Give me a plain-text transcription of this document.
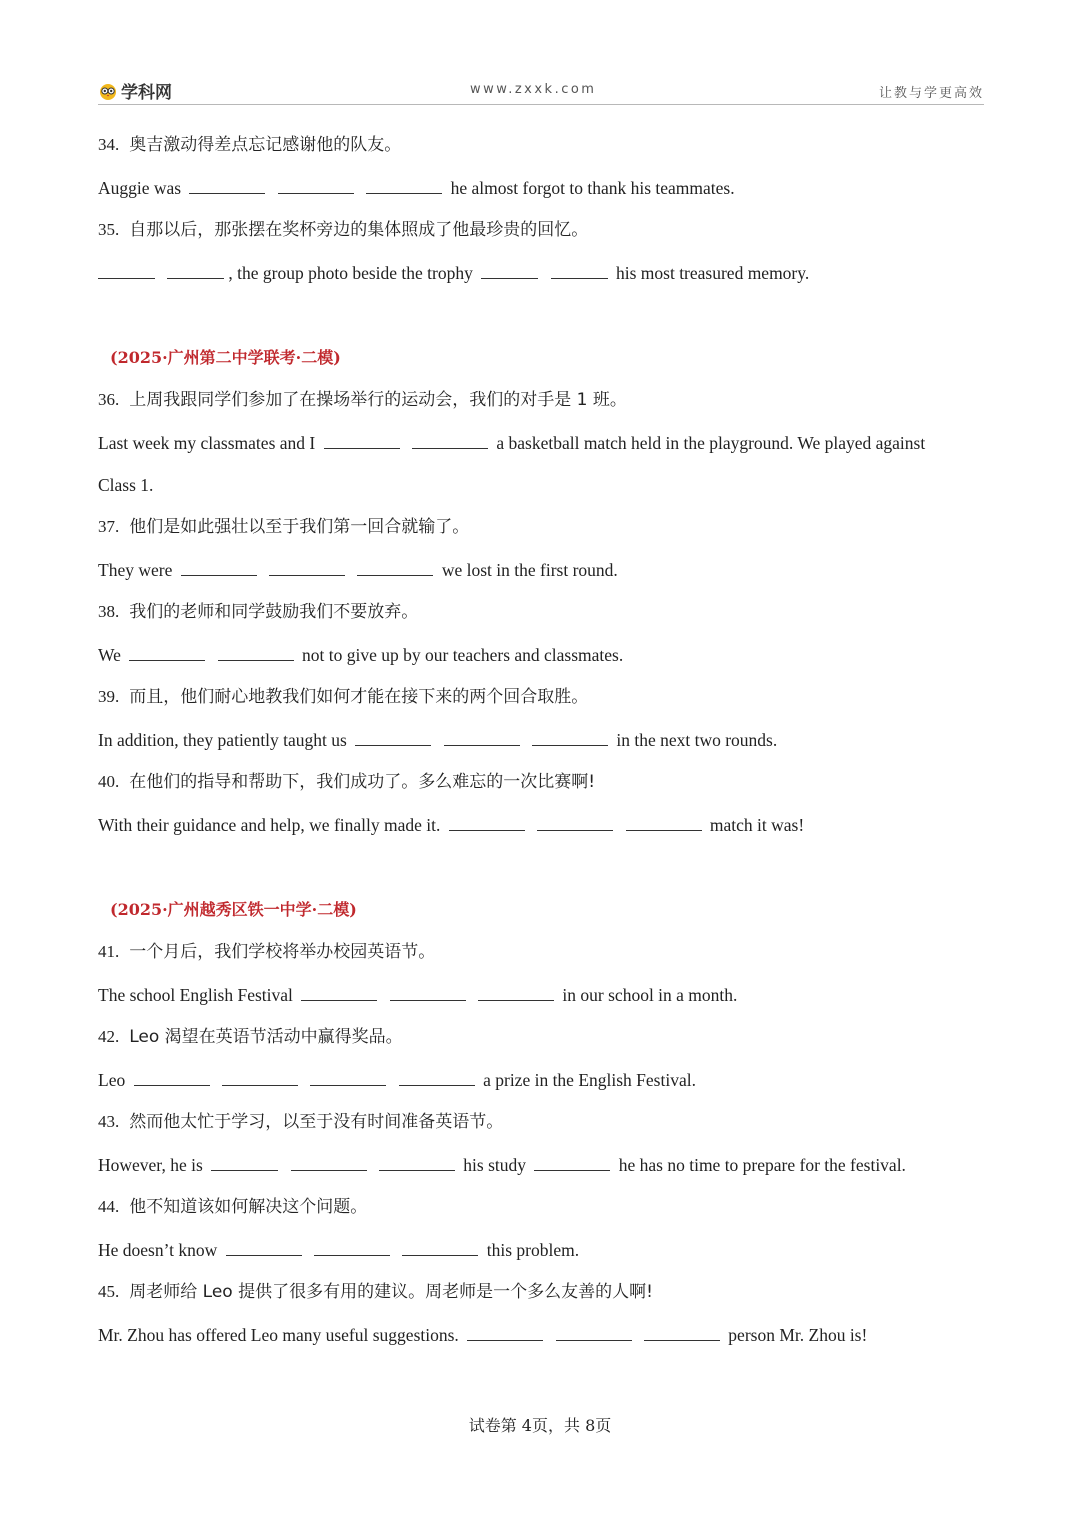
学科网	www.zxxk.com	让教与学更高效
34. 奥吉激动得差点忘记感谢他的队友。
Auggie was	he almost forgot to thank his teammates.
35. 自那以后，那张摆在奖杯旁边的集体照成了他最珍贵的回忆。
, the group photo beside the trophy	his most treasured memory.
(2025·广州第二中学联考·二模)
36. 上周我跟同学们参加了在操场举行的运动会，我们的对手是 1 班。
Last week my classmates and I	a basketball match held in the playground. We played against
Class 1.
37. 他们是如此强壮以至于我们第一回合就输了。
They were	we lost in the first round.
38. 我们的老师和同学鼓励我们不要放弃。
We	not to give up by our teachers and classmates.
39. 而且，他们耐心地教我们如何才能在接下来的两个回合取胜。
In addition, they patiently taught us	in the next two rounds.
40. 在他们的指导和帮助下，我们成功了。多么难忘的一次比赛啊!
With their guidance and help, we finally made it.	match it was!
(2025·广州越秀区铁一中学·二模)
41. 一个月后，我们学校将举办校园英语节。
The school English Festival	in our school in a month.
42. Leo 渴望在英语节活动中赢得奖品。
Leo	a prize in the English Festival.
43. 然而他太忙于学习，以至于没有时间准备英语节。
However, he is	his study	he has no time to prepare for the festival.
44. 他不知道该如何解决这个问题。
He doesn’t know	this problem.
45. 周老师给 Leo 提供了很多有用的建议。周老师是一个多么友善的人啊!
Mr. Zhou has offered Leo many useful suggestions.	person Mr. Zhou is!
试卷第 4页，共 8页
